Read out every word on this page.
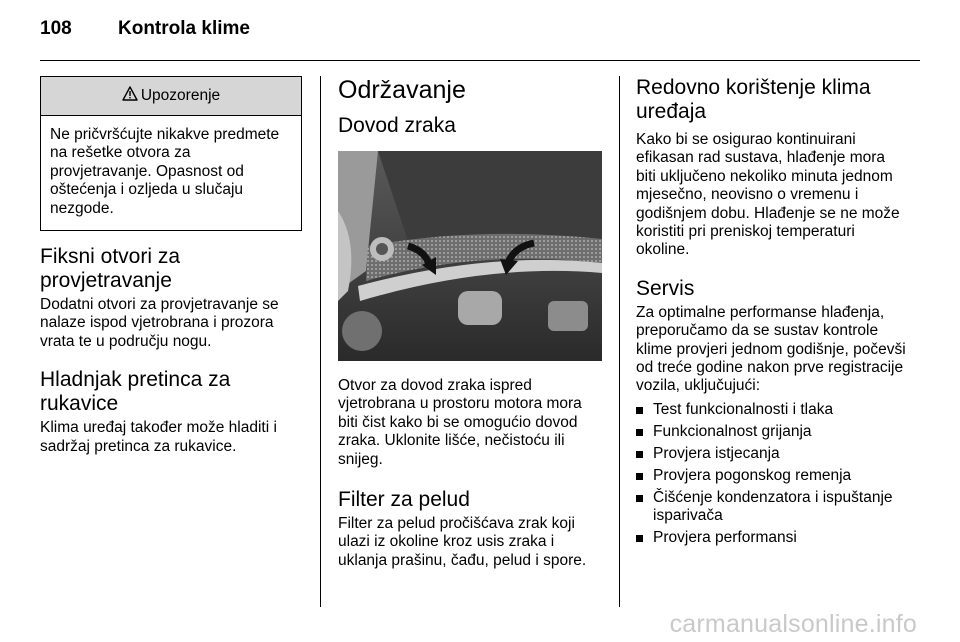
108	Kontrola klime
Upozorenje
Ne pričvršćujte nikakve predmete na rešetke otvora za provjetravanje. Opasnost od oštećenja i ozljeda u slučaju nezgode.
Fiksni otvori za provjetravanje

Dodatni otvori za provjetravanje se nalaze ispod vjetrobrana i prozora vrata te u području nogu.

Hladnjak pretinca za rukavice

Klima uređaj također može hladiti i sadržaj pretinca za rukavice.

Održavanje
Dovod zraka

Otvor za dovod zraka ispred vjetrobrana u prostoru motora mora biti čist kako bi se omogućio dovod zraka. Uklonite lišće, nečistoću ili snijeg.

Filter za pelud

Filter za pelud pročišćava zrak koji ulazi iz okoline kroz usis zraka i uklanja prašinu, čađu, pelud i spore.

Redovno korištenje klima uređaja

Kako bi se osigurao kontinuirani efikasan rad sustava, hlađenje mora biti uključeno nekoliko minuta jednom mjesečno, neovisno o vremenu i godišnjem dobu. Hlađenje se ne može koristiti pri preniskoj temperaturi okoline.

Servis

Za optimalne performanse hlađenja, preporučamo da se sustav kontrole klime provjeri jednom godišnje, počevši od treće godine nakon prve registracije vozila, uključujući:

Test funkcionalnosti i tlaka
Funkcionalnost grijanja
Provjera istjecanja
Provjera pogonskog remenja
Čišćenje kondenzatora i ispuštanje isparivača
Provjera performansi
carmanualsonline.info
